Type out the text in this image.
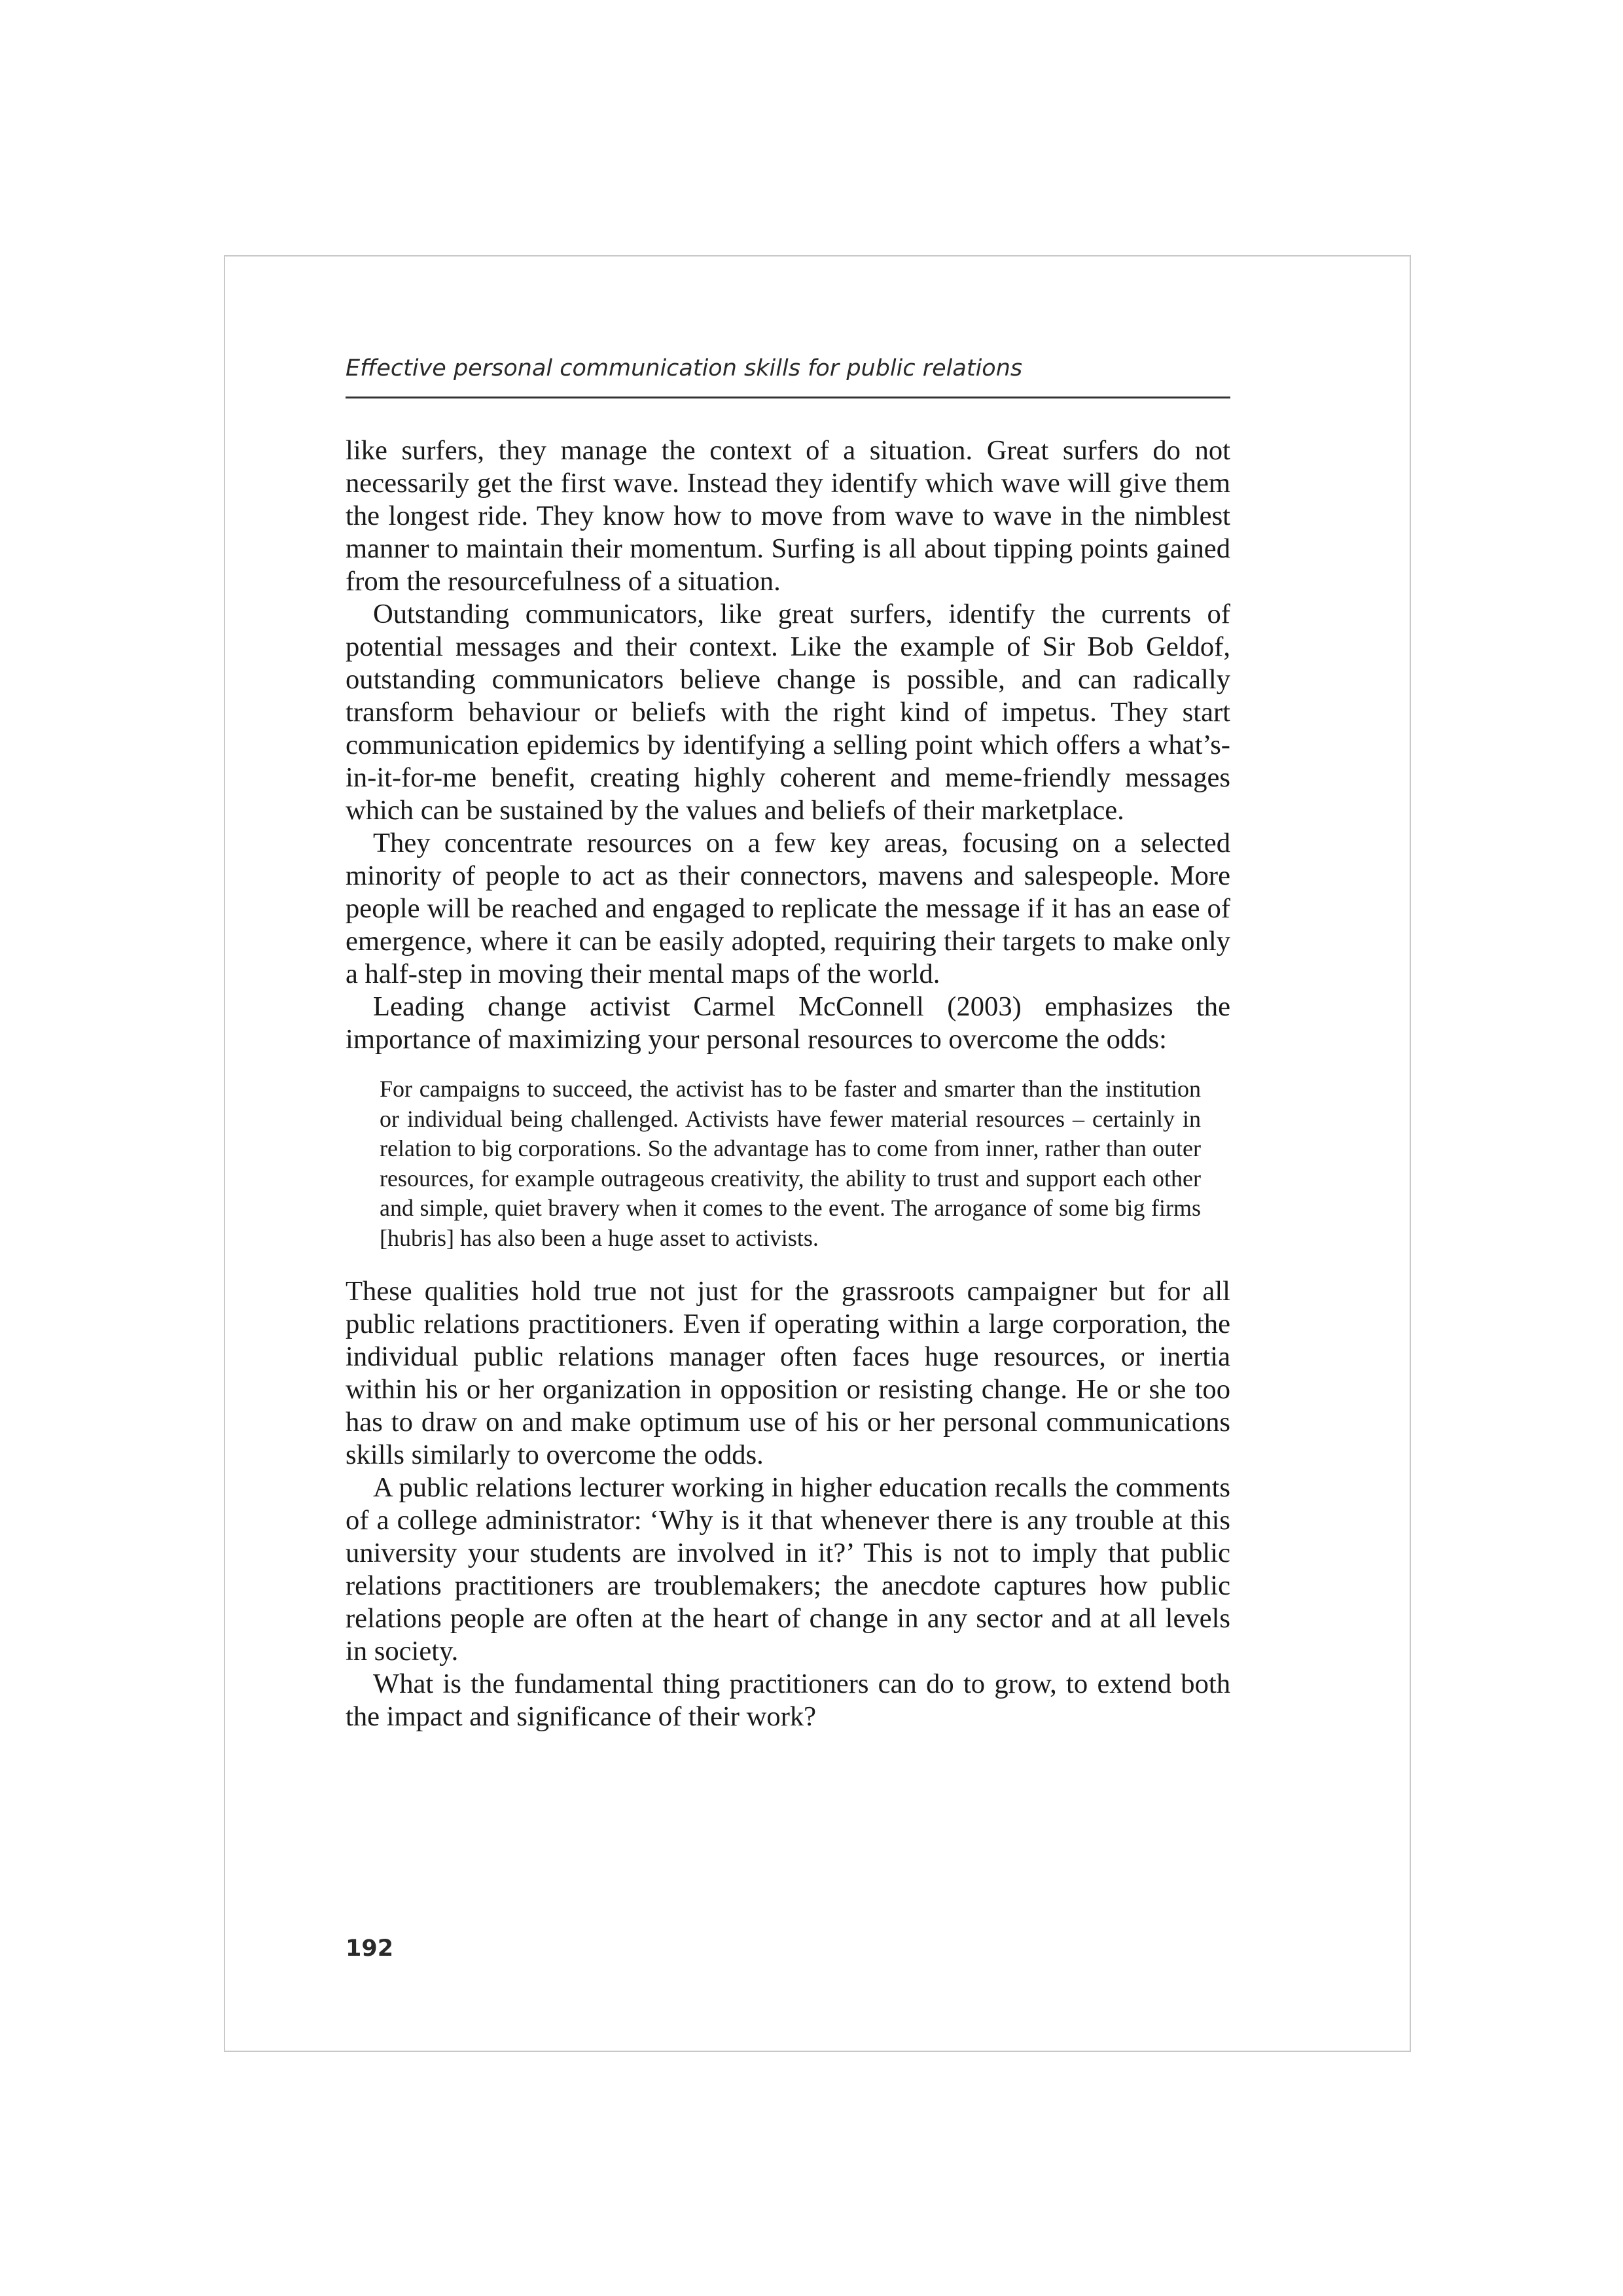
Effective personal communication skills for public relations

like surfers, they manage the context of a situation. Great surfers do not necessarily get the first wave. Instead they identify which wave will give them the longest ride. They know how to move from wave to wave in the nimblest manner to maintain their momentum. Surfing is all about tipping points gained from the resourcefulness of a situation.

Outstanding communicators, like great surfers, identify the currents of potential messages and their context. Like the example of Sir Bob Geldof, outstanding communicators believe change is possible, and can radically transform behaviour or beliefs with the right kind of impetus. They start communication epidemics by identifying a selling point which offers a what’s-in-it-for-me benefit, creating highly coherent and meme-friendly messages which can be sustained by the values and beliefs of their marketplace.

They concentrate resources on a few key areas, focusing on a selected minority of people to act as their connectors, mavens and salespeople. More people will be reached and engaged to replicate the message if it has an ease of emergence, where it can be easily adopted, requiring their targets to make only a half-step in moving their mental maps of the world.

Leading change activist Carmel McConnell (2003) emphasizes the importance of maximizing your personal resources to overcome the odds:

For campaigns to succeed, the activist has to be faster and smarter than the institution or individual being challenged. Activists have fewer material resources – certainly in relation to big corporations. So the advantage has to come from inner, rather than outer resources, for example outrageous creativity, the ability to trust and support each other and simple, quiet bravery when it comes to the event. The arrogance of some big firms [hubris] has also been a huge asset to activists.

These qualities hold true not just for the grassroots campaigner but for all public relations practitioners. Even if operating within a large corporation, the individual public relations manager often faces huge resources, or inertia within his or her organization in opposition or resisting change. He or she too has to draw on and make optimum use of his or her personal communications skills similarly to overcome the odds.

A public relations lecturer working in higher education recalls the comments of a college administrator: ‘Why is it that whenever there is any trouble at this university your students are involved in it?’ This is not to imply that public relations practitioners are troublemakers; the anecdote captures how public relations people are often at the heart of change in any sector and at all levels in society.

What is the fundamental thing practitioners can do to grow, to extend both the impact and significance of their work?

192
